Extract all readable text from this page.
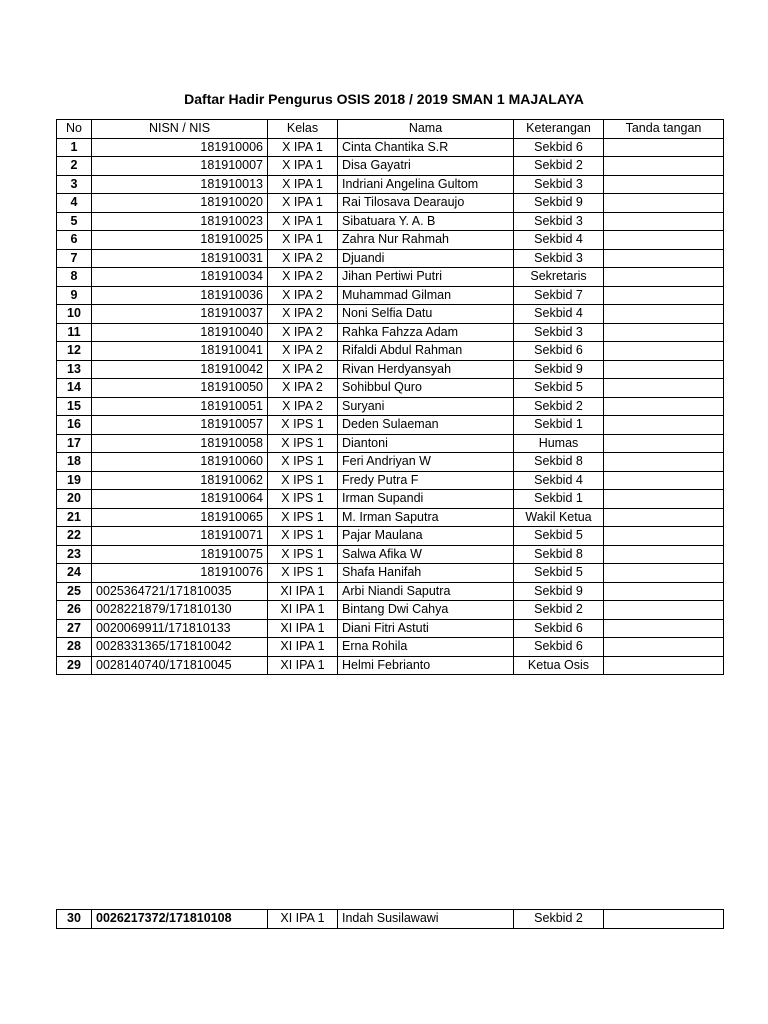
Daftar Hadir Pengurus OSIS 2018 / 2019 SMAN 1 MAJALAYA
No	NISN / NIS	Kelas	Nama	Keterangan	Tanda tangan
1	181910006	X IPA 1	Cinta Chantika S.R	Sekbid 6	
2	181910007	X IPA 1	Disa Gayatri	Sekbid 2	
3	181910013	X IPA 1	Indriani Angelina Gultom	Sekbid 3	
4	181910020	X IPA 1	Rai Tilosava Dearaujo	Sekbid 9	
5	181910023	X IPA 1	Sibatuara Y. A. B	Sekbid 3	
6	181910025	X IPA 1	Zahra Nur Rahmah	Sekbid 4	
7	181910031	X IPA 2	Djuandi	Sekbid 3	
8	181910034	X IPA 2	Jihan Pertiwi Putri	Sekretaris	
9	181910036	X IPA 2	Muhammad Gilman	Sekbid 7	
10	181910037	X IPA 2	Noni Selfia Datu	Sekbid 4	
11	181910040	X IPA 2	Rahka Fahzza Adam	Sekbid 3	
12	181910041	X IPA 2	Rifaldi Abdul Rahman	Sekbid 6	
13	181910042	X IPA 2	Rivan Herdyansyah	Sekbid 9	
14	181910050	X IPA 2	Sohibbul Quro	Sekbid 5	
15	181910051	X IPA 2	Suryani	Sekbid 2	
16	181910057	X IPS 1	Deden Sulaeman	Sekbid 1	
17	181910058	X IPS 1	Diantoni	Humas	
18	181910060	X IPS 1	Feri Andriyan W	Sekbid 8	
19	181910062	X IPS 1	Fredy Putra F	Sekbid 4	
20	181910064	X IPS 1	Irman Supandi	Sekbid 1	
21	181910065	X IPS 1	M. Irman Saputra	Wakil Ketua	
22	181910071	X IPS 1	Pajar Maulana	Sekbid 5	
23	181910075	X IPS 1	Salwa Afika W	Sekbid 8	
24	181910076	X IPS 1	Shafa Hanifah	Sekbid 5	
25	0025364721/171810035	XI IPA 1	Arbi Niandi Saputra	Sekbid 9	
26	0028221879/171810130	XI IPA 1	Bintang Dwi Cahya	Sekbid 2	
27	0020069911/171810133	XI IPA 1	Diani Fitri Astuti	Sekbid 6	
28	0028331365/171810042	XI IPA 1	Erna Rohila	Sekbid 6	
29	0028140740/171810045	XI IPA 1	Helmi Febrianto	Ketua Osis	
30	0026217372/171810108	XI IPA 1	Indah Susilawawi	Sekbid 2	
